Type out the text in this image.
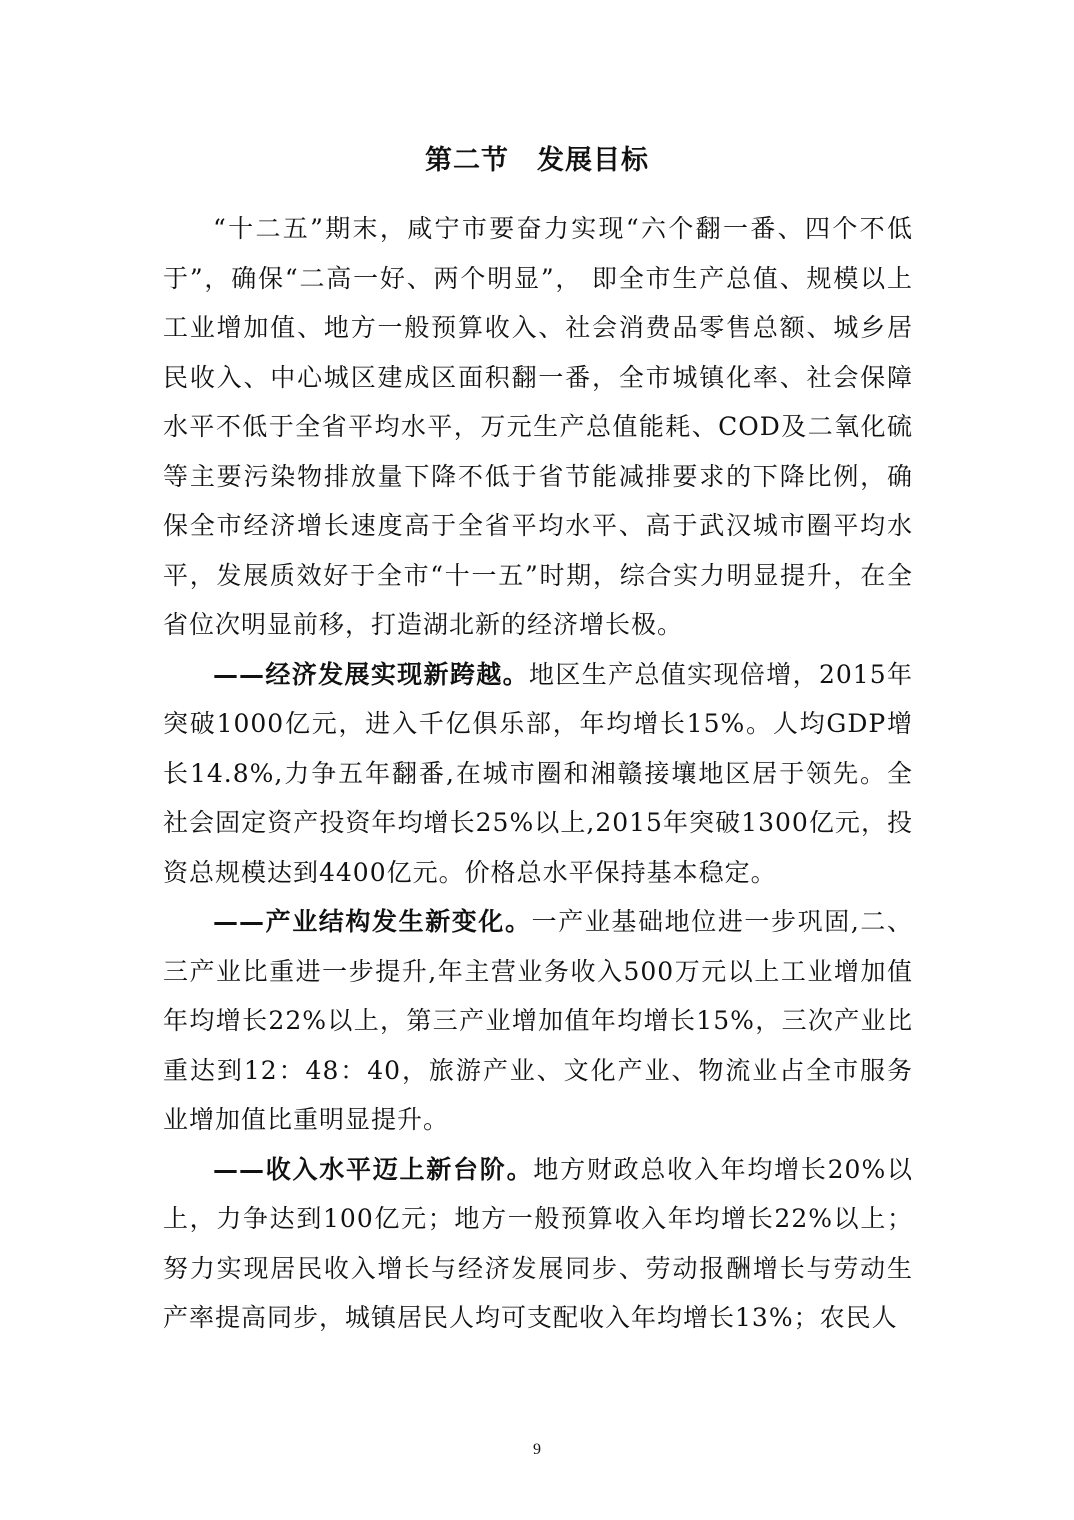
第二节 发展目标

“十二五”期末，咸宁市要奋力实现“六个翻一番、四个不低于”，确保“二高一好、两个明显”， 即全市生产总值、规模以上工业增加值、地方一般预算收入、社会消费品零售总额、城乡居民收入、中心城区建成区面积翻一番，全市城镇化率、社会保障水平不低于全省平均水平，万元生产总值能耗、COD及二氧化硫等主要污染物排放量下降不低于省节能减排要求的下降比例，确保全市经济增长速度高于全省平均水平、高于武汉城市圈平均水平，发展质效好于全市“十一五”时期，综合实力明显提升，在全省位次明显前移，打造湖北新的经济增长极。

——经济发展实现新跨越。地区生产总值实现倍增，2015年突破1000亿元，进入千亿俱乐部，年均增长15%。人均GDP增长14.8%,力争五年翻番,在城市圈和湘赣接壤地区居于领先。全社会固定资产投资年均增长25%以上,2015年突破1300亿元，投资总规模达到4400亿元。价格总水平保持基本稳定。

——产业结构发生新变化。一产业基础地位进一步巩固,二、三产业比重进一步提升,年主营业务收入500万元以上工业增加值年均增长22%以上，第三产业增加值年均增长15%，三次产业比重达到12：48：40，旅游产业、文化产业、物流业占全市服务业增加值比重明显提升。

——收入水平迈上新台阶。地方财政总收入年均增长20%以上，力争达到100亿元；地方一般预算收入年均增长22%以上；努力实现居民收入增长与经济发展同步、劳动报酬增长与劳动生产率提高同步，城镇居民人均可支配收入年均增长13%；农民人

9
